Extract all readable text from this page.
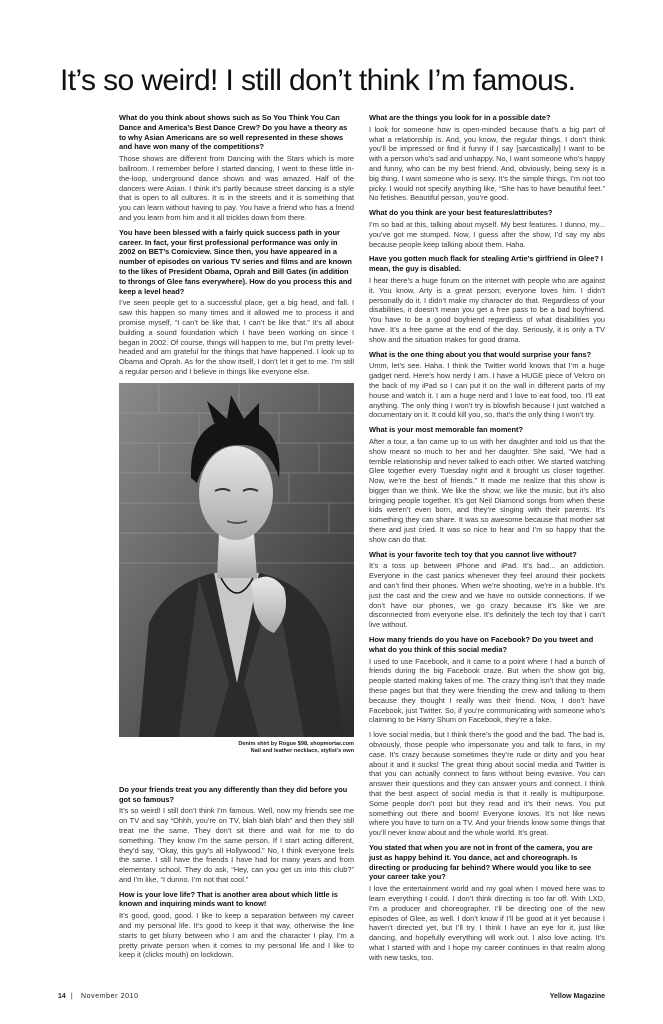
It’s so weird! I still don’t think I’m famous.

What do you think about shows such as So You Think You Can Dance and America’s Best Dance Crew? Do you have a theory as to why Asian Americans are so well represented in these shows and have won many of the competitions?

Those shows are different from Dancing with the Stars which is more ballroom. I remember before I started dancing, I went to these little in-the-loop, underground dance shows and was amazed. Half of the dancers were Asian. I think it’s partly because street dancing is a style that is open to all cultures. It is in the streets and it is something that you can learn without having to pay. You have a friend who has a friend and you learn from him and it all trickles down from there.

You have been blessed with a fairly quick success path in your career. In fact, your first professional performance was only in 2002 on BET’s Comicview. Since then, you have appeared in a number of episodes on various TV series and films and are known to the likes of President Obama, Oprah and Bill Gates (in addition to throngs of Glee fans everywhere). How do you process this and keep a level head?

I’ve seen people get to a successful place, get a big head, and fall. I saw this happen so many times and it allowed me to process it and promise myself, “I can’t be like that, I can’t be like that.” It’s all about building a sound foundation which I have been working on since I began in 2002. Of course, things will happen to me, but I’m pretty level-headed and am grateful for the things that have happened. I look up to Obama and Oprah. As for the show itself, I don’t let it get to me. I’m still a regular person and I believe in things like everyone else.

Denim shirt by Rogue $98, shopmortar.com
Nail and leather necklace, stylist’s own

Do your friends treat you any differently than they did before you got so famous?

It’s so weird! I still don’t think I’m famous. Well, now my friends see me on TV and say “Ohhh, you’re on TV, blah blah blah” and then they still treat me the same. They don’t sit there and wait for me to do something. They know I’m the same person. If I start acting different, they’d say, “Okay, this guy’s all Hollywood.” No, I think everyone feels the same. I still have the friends I have had for many years and from elementary school. They do ask, “Hey, can you get us into this club?” and I’m like, “I dunno. I’m not that cool.”

How is your love life? That is another area about which little is known and inquiring minds want to know!

It’s good, good, good. I like to keep a separation between my career and my personal life. It’s good to keep it that way, otherwise the line starts to get blurry between who I am and the character I play. I’m a pretty private person when it comes to my personal life and I like to keep it (clicks mouth) on lockdown.

What are the things you look for in a possible date?

I look for someone how is open-minded because that’s a big part of what a relationship is. And, you know, the regular things. I don’t think you’ll be impressed or find it funny if I say [sarcastically] I want to be with a person who’s sad and unhappy. No, I want someone who’s happy and funny, who can be my best friend. And, obviously, being sexy is a big thing. I want someone who is sexy. It’s the simple things, I’m not too picky. I would not specify anything like, “She has to have beautiful feet.” No fetishes. Beautiful person, you’re good.

What do you think are your best features/attributes?

I’m so bad at this, talking about myself. My best features. I dunno, my... you’ve got me stumped. Now, I guess after the show, I’d say my abs because people keep talking about them. Haha.

Have you gotten much flack for stealing Artie’s girlfriend in Glee? I mean, the guy is disabled.

I hear there’s a huge forum on the internet with people who are against it. You know, Arty is a great person; everyone loves him. I didn’t personally do it. I didn’t make my character do that. Regardless of your disabilities, it doesn’t mean you get a free pass to be a bad boyfriend. You have to be a good boyfriend regardless of what disabilities you have. It’s a free game at the end of the day. Seriously, it is only a TV show and the situation makes for good drama.

What is the one thing about you that would surprise your fans?

Umm, let’s see. Haha. I think the Twitter world knows that I’m a huge gadget nerd. Here’s how nerdy I am. I have a HUGE piece of Velcro on the back of my iPad so I can put it on the wall in different parts of my house and watch it. I am a huge nerd and I love to eat food, too. I’ll eat anything. The only thing I won’t try is blowfish because I just watched a documentary on it. It could kill you, so, that’s the only thing I won’t try.

What is your most memorable fan moment?

After a tour, a fan came up to us with her daughter and told us that the show meant so much to her and her daughter. She said, “We had a terrible relationship and never talked to each other. We started watching Glee together every Tuesday night and it brought us closer together. Now, we’re the best of friends.” It made me realize that this show is bigger than we think. We like the show, we like the music, but it’s also bringing people together. It’s got Neil Diamond songs from when these kids weren’t even born, and they’re singing with their parents. It’s something they can share. It was so awesome because that mother sat there and just cried. It was so nice to hear and I’m so happy that the show can do that.

What is your favorite tech toy that you cannot live without?

It’s a toss up between iPhone and iPad. It’s bad... an addiction. Everyone in the cast panics whenever they feel around their pockets and can’t find their phones. When we’re shooting, we’re in a bubble. It’s just the cast and the crew and we have no outside connections. If we don’t have our phones, we go crazy because it’s like we are disconnected from everyone else. It’s definitely the tech toy that I can’t live without.

How many friends do you have on Facebook? Do you tweet and what do you think of this social media?

I used to use Facebook, and it came to a point where I had a bunch of friends during the big Facebook craze. But when the show got big, people started making fakes of me. The crazy thing isn’t that they made these pages but that they were friending the crew and talking to them because they thought I really was their friend. Now, I don’t have Facebook, just Twitter. So, if you’re communicating with someone who’s claiming to be Harry Shum on Facebook, they’re a fake.

I love social media, but I think there’s the good and the bad. The bad is, obviously, those people who impersonate you and talk to fans, in my case. It’s crazy because sometimes they’re rude or dirty and you hear about it and it sucks! The great thing about social media and Twitter is that you can actually connect to fans without being evasive. You can answer their questions and they can answer yours and connect. I think that the best aspect of social media is that it really is multipurpose. Some people don’t post but they read and it’s their news. You put something out there and boom! Everyone knows. It’s not like news where you have to turn on a TV. And your friends know some things that you’ll never know about and the whole world. It’s great.

You stated that when you are not in front of the camera, you are just as happy behind it. You dance, act and choreograph. Is directing or producing far behind? Where would you like to see your career take you?

I love the entertainment world and my goal when I moved here was to learn everything I could. I don’t think directing is too far off. With LXD, I’m a producer and choreographer. I’ll be directing one of the new episodes of Glee, as well. I don’t know if I’ll be good at it yet because I haven’t directed yet, but I’ll try. I think I have an eye for it, just like dancing, and hopefully everything will work out. I also love acting. It’s what I started with and I hope my career continues in that realm along with new tasks, too.

14  |   November 2010	Yellow Magazine
